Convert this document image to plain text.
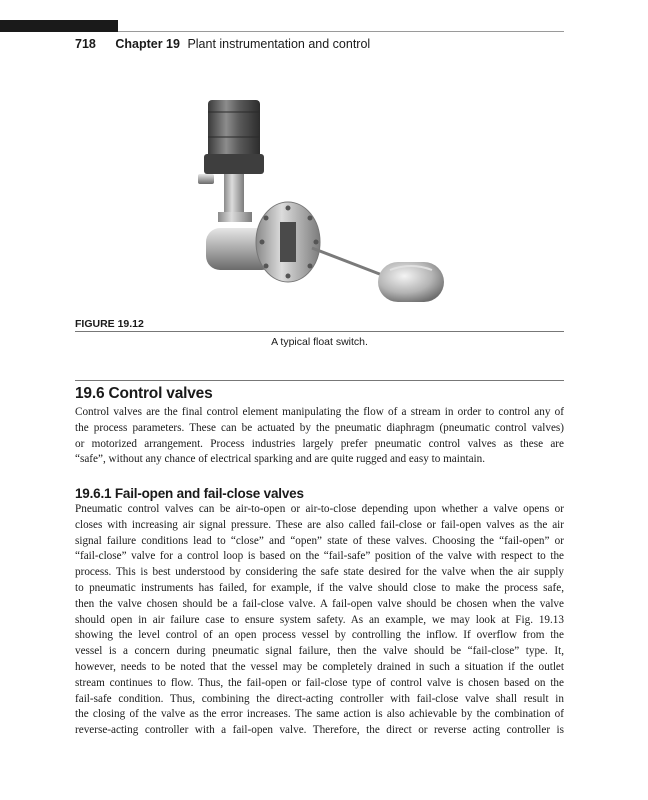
718 Chapter 19 Plant instrumentation and control
FIGURE 19.12
A typical float switch.
19.6 Control valves
Control valves are the final control element manipulating the flow of a stream in order to control any of
the process parameters. These can be actuated by the pneumatic diaphragm (pneumatic control valves)
or motorized arrangement. Process industries largely prefer pneumatic control valves as these are
“safe”, without any chance of electrical sparking and are quite rugged and easy to maintain.
19.6.1 Fail-open and fail-close valves
Pneumatic control valves can be air-to-open or air-to-close depending upon whether a valve opens or
closes with increasing air signal pressure. These are also called fail-close or fail-open valves as the air
signal failure conditions lead to “close” and “open” state of these valves. Choosing the “fail-open” or
“fail-close” valve for a control loop is based on the “fail-safe” position of the valve with respect to the
process. This is best understood by considering the safe state desired for the valve when the air supply
to pneumatic instruments has failed, for example, if the valve should close to make the process safe,
then the valve chosen should be a fail-close valve. A fail-open valve should be chosen when the valve
should open in air failure case to ensure system safety. As an example, we may look at Fig. 19.13
showing the level control of an open process vessel by controlling the inflow. If overflow from the
vessel is a concern during pneumatic signal failure, then the valve should be “fail-close” type. It,
however, needs to be noted that the vessel may be completely drained in such a situation if the outlet
stream continues to flow. Thus, the fail-open or fail-close type of control valve is chosen based on the
fail-safe condition. Thus, combining the direct-acting controller with fail-close valve shall result in
the closing of the valve as the error increases. The same action is also achievable by the combination of
reverse-acting controller with a fail-open valve. Therefore, the direct or reverse acting controller is
